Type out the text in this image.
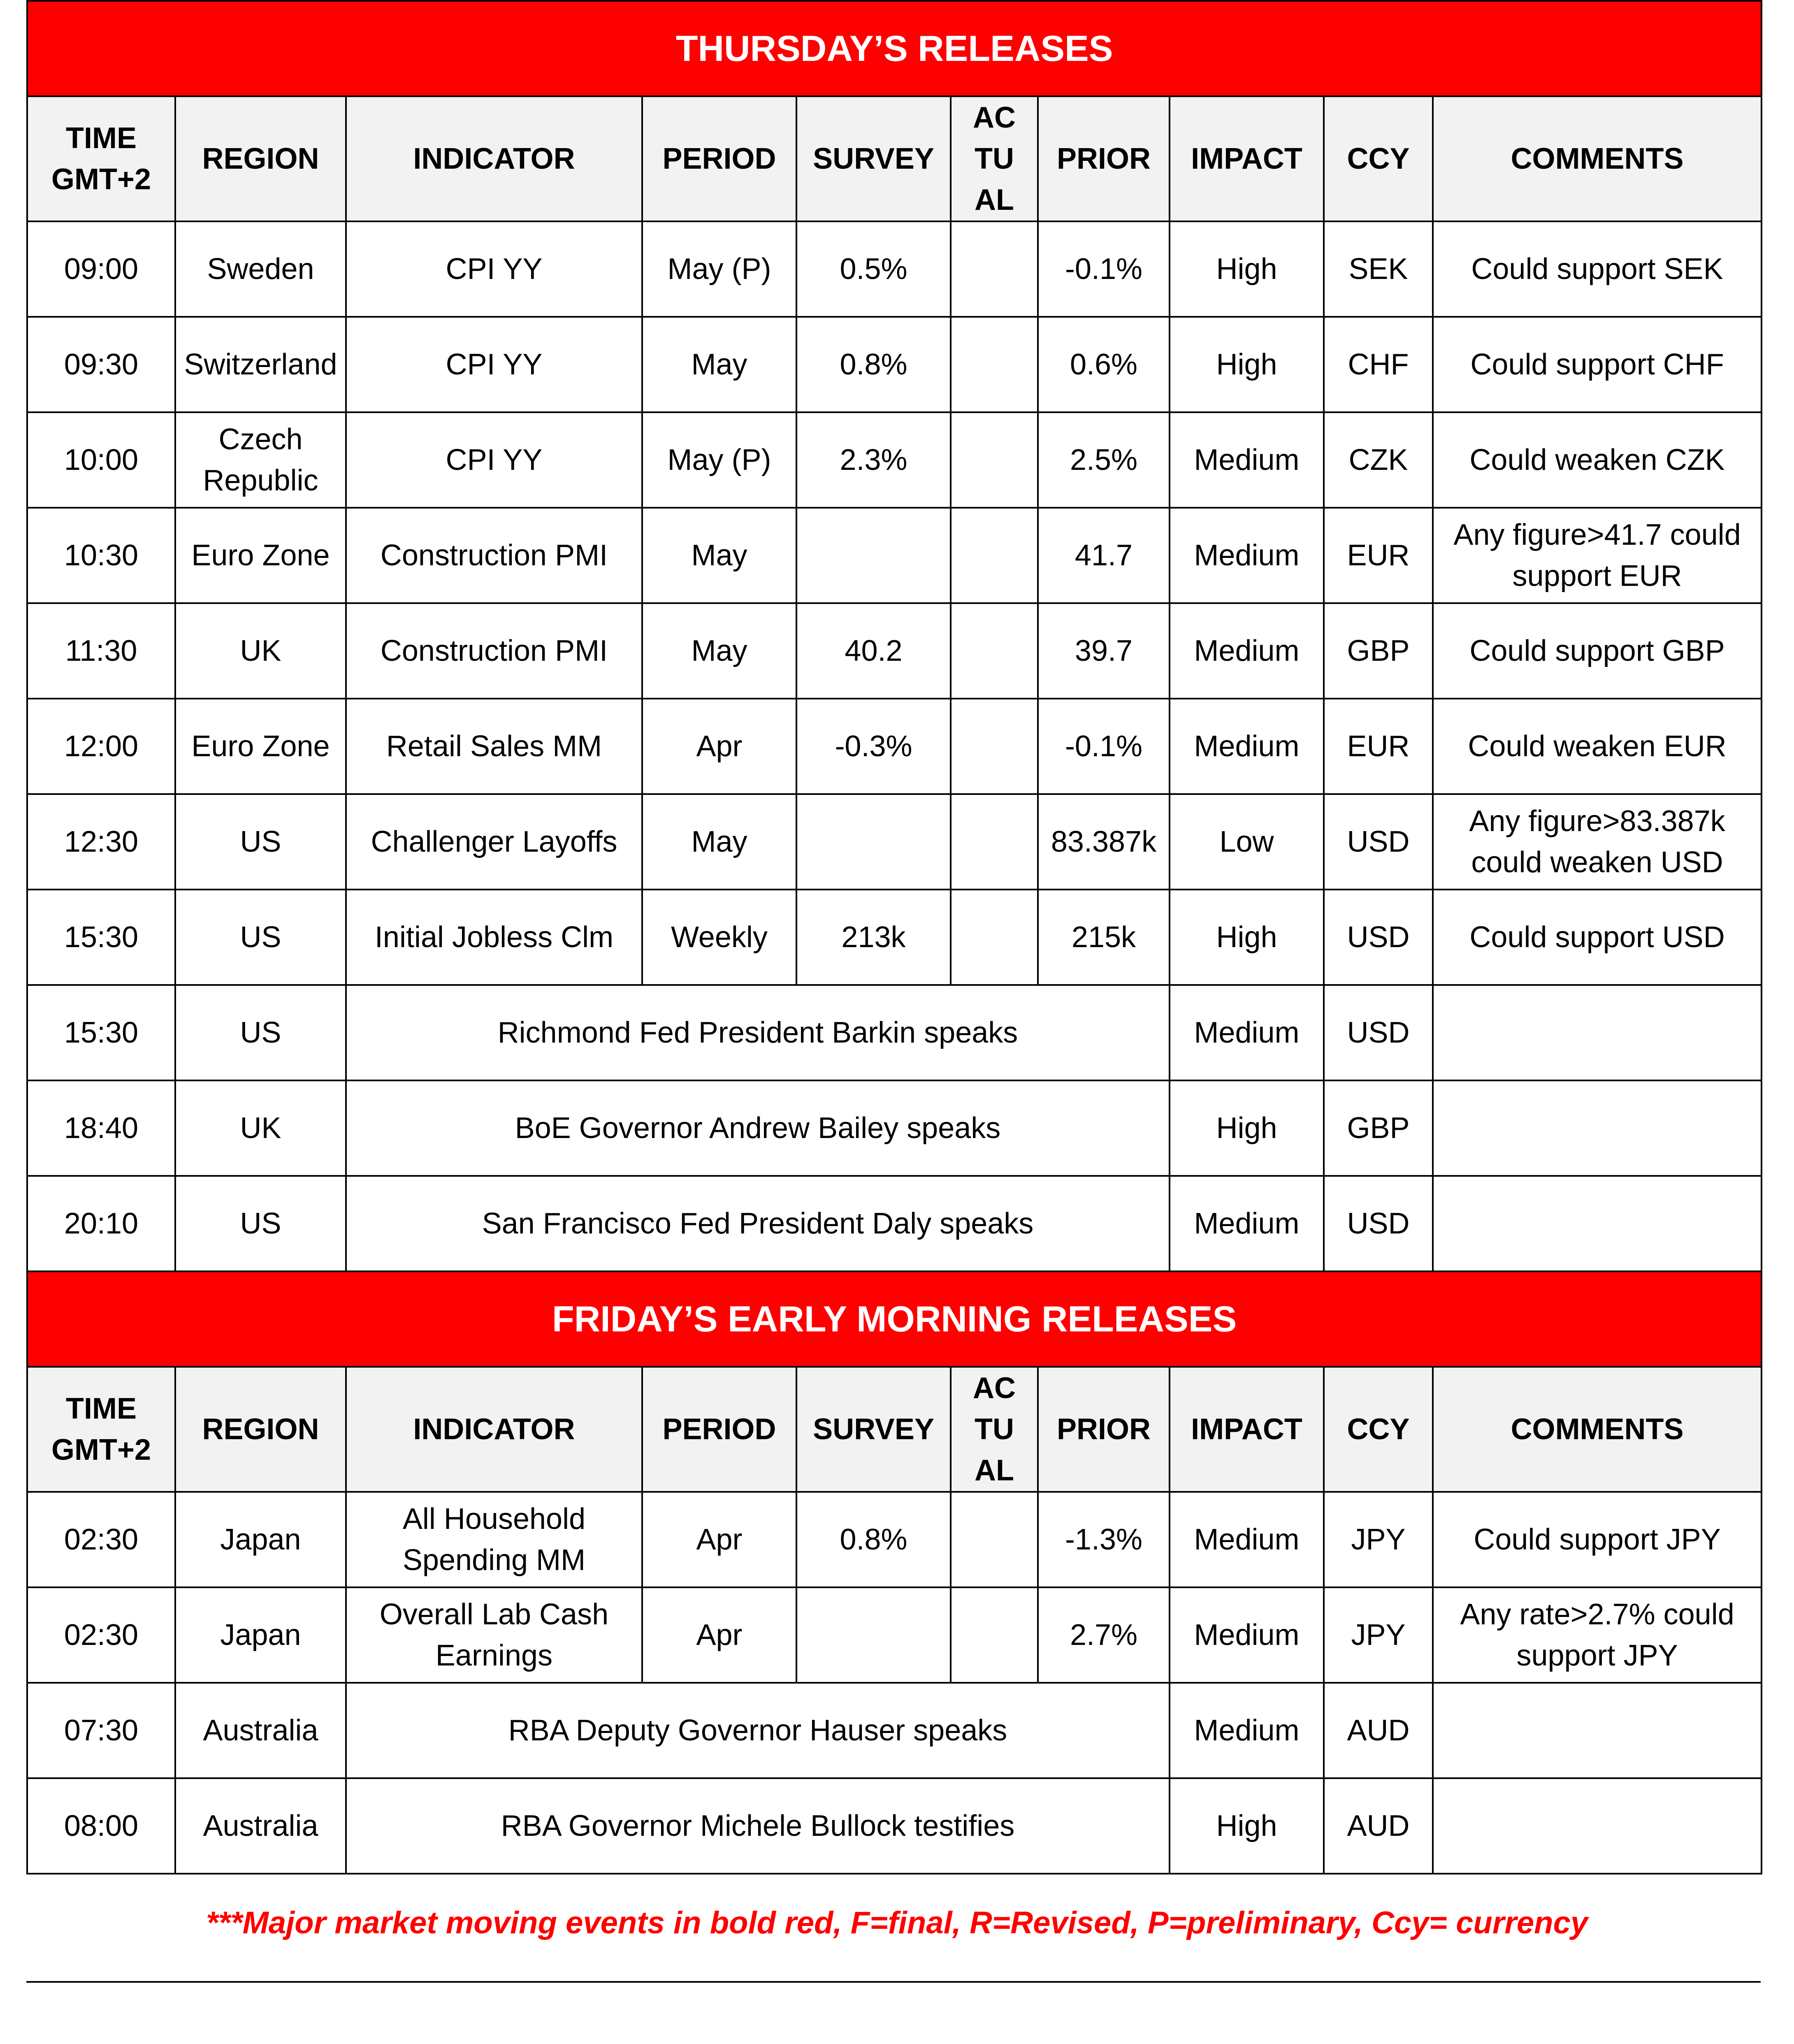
THURSDAY’S RELEASES									
TIME GMT+2	REGION	INDICATOR	PERIOD	SURVEY	AC TU AL	PRIOR	IMPACT	CCY	COMMENTS
09:00	Sweden	CPI YY	May (P)	0.5%		-0.1%	High	SEK	Could support SEK
09:30	Switzerland	CPI YY	May	0.8%		0.6%	High	CHF	Could support CHF
10:00	Czech Republic	CPI YY	May (P)	2.3%		2.5%	Medium	CZK	Could weaken CZK
10:30	Euro Zone	Construction PMI	May			41.7	Medium	EUR	Any figure>41.7 could support EUR
11:30	UK	Construction PMI	May	40.2		39.7	Medium	GBP	Could support GBP
12:00	Euro Zone	Retail Sales MM	Apr	-0.3%		-0.1%	Medium	EUR	Could weaken EUR
12:30	US	Challenger Layoffs	May			83.387k	Low	USD	Any figure>83.387k could weaken USD
15:30	US	Initial Jobless Clm	Weekly	213k		215k	High	USD	Could support USD
15:30	US	Richmond Fed President Barkin speaks					Medium	USD	
18:40	UK	BoE Governor Andrew Bailey speaks					High	GBP	
20:10	US	San Francisco Fed President Daly speaks					Medium	USD	
FRIDAY’S EARLY MORNING RELEASES									
TIME GMT+2	REGION	INDICATOR	PERIOD	SURVEY	AC TU AL	PRIOR	IMPACT	CCY	COMMENTS
02:30	Japan	All Household Spending MM	Apr	0.8%		-1.3%	Medium	JPY	Could support JPY
02:30	Japan	Overall Lab Cash Earnings	Apr			2.7%	Medium	JPY	Any rate>2.7% could support JPY
07:30	Australia	RBA Deputy Governor Hauser speaks					Medium	AUD	
08:00	Australia	RBA Governor Michele Bullock testifies					High	AUD	
***Major market moving events in bold red, F=final, R=Revised, P=preliminary, Ccy= currency
